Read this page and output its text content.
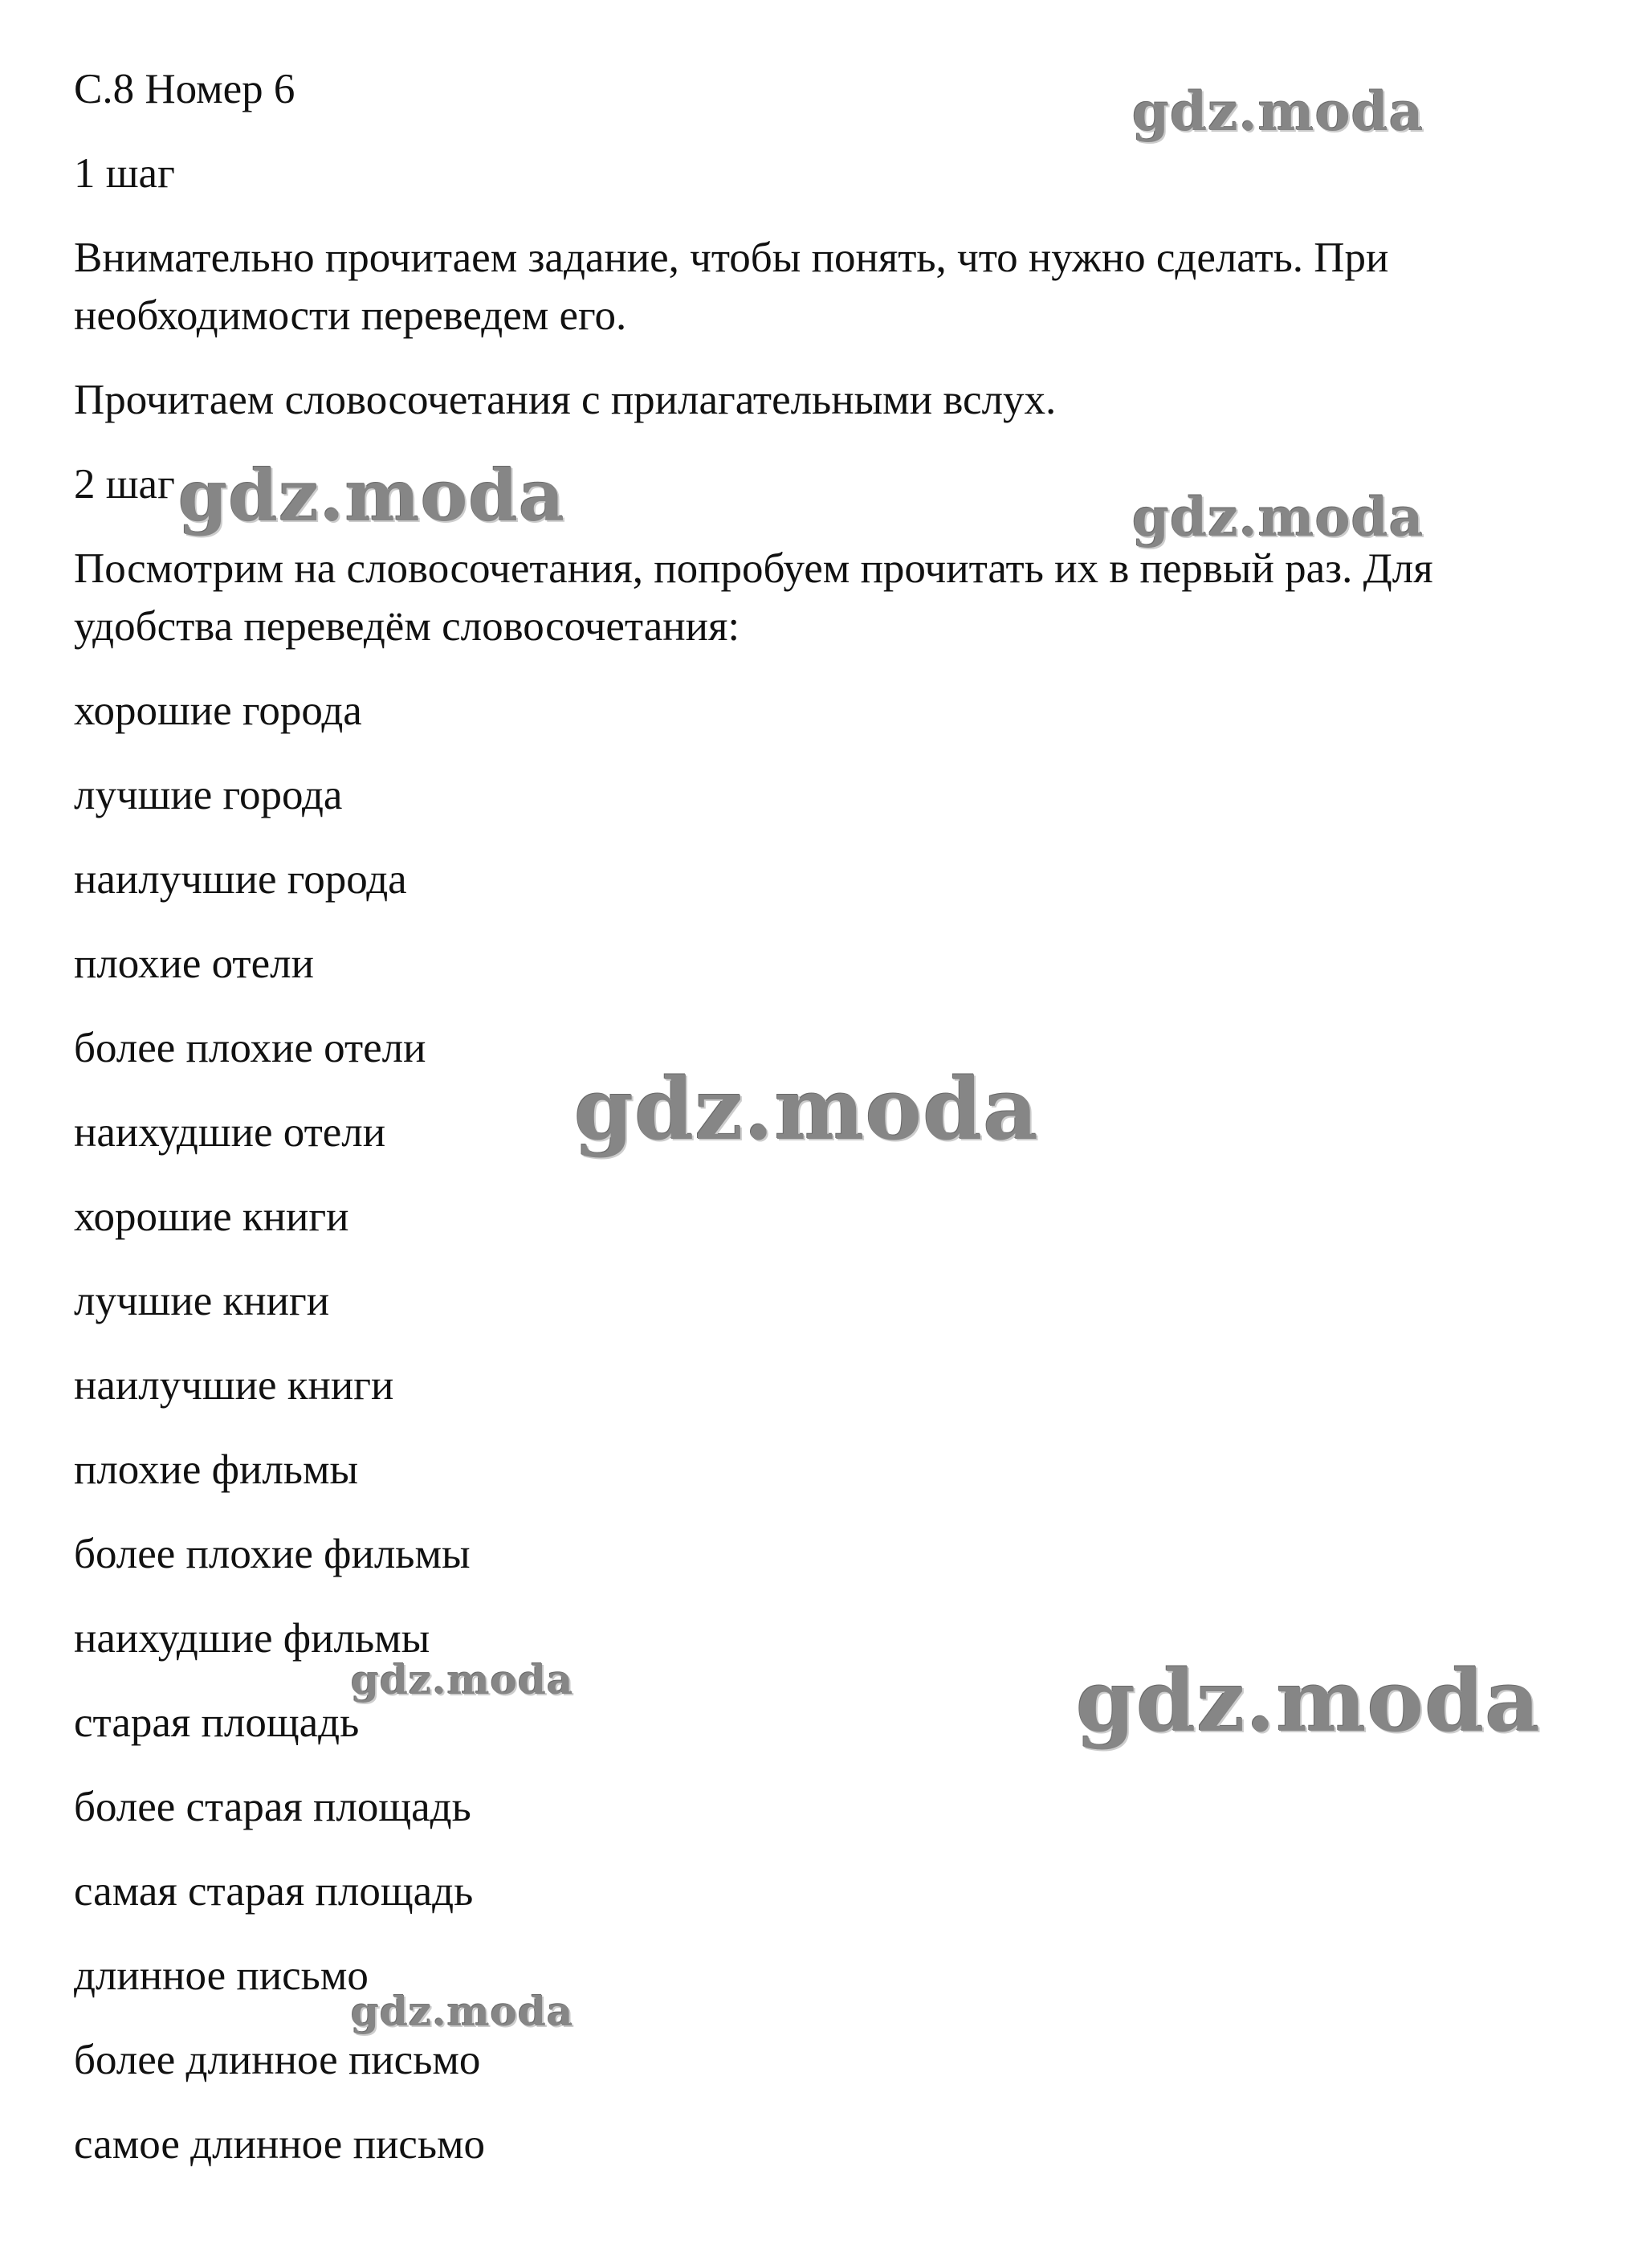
С.8 Номер 6
1 шаг
Внимательно прочитаем задание, чтобы понять, что нужно сделать. При
необходимости переведем его.
Прочитаем словосочетания с прилагательными вслух.
2 шаг
Посмотрим на словосочетания, попробуем прочитать их в первый раз. Для
удобства переведём словосочетания:
хорошие города
лучшие города
наилучшие города
плохие отели
более плохие отели
наихудшие отели
хорошие книги
лучшие книги
наилучшие книги
плохие фильмы
более плохие фильмы
наихудшие фильмы
старая площадь
более старая площадь
самая старая площадь
длинное письмо
более длинное письмо
самое длинное письмо
gdz.moda
gdz.moda	gdz.moda
gdz.moda
gdz.moda	gdz.moda
gdz.moda
